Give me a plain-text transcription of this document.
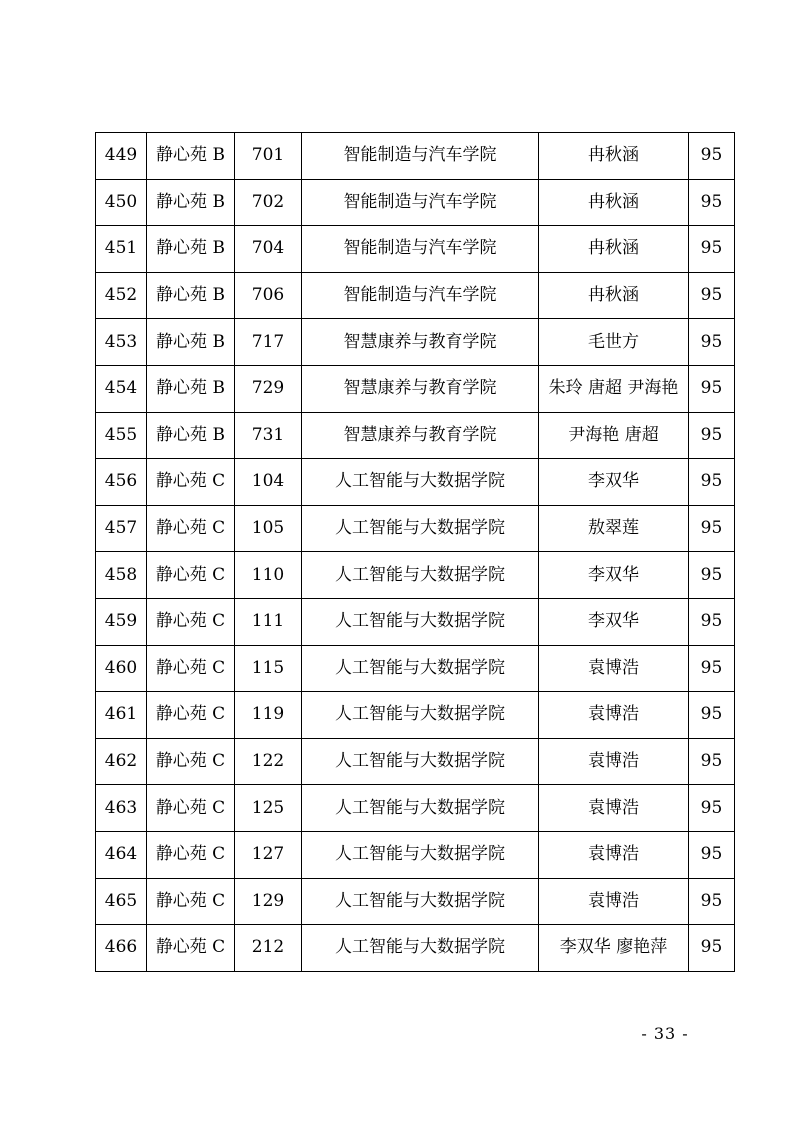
449	静心苑 B	701	智能制造与汽车学院	冉秋涵	95
450	静心苑 B	702	智能制造与汽车学院	冉秋涵	95
451	静心苑 B	704	智能制造与汽车学院	冉秋涵	95
452	静心苑 B	706	智能制造与汽车学院	冉秋涵	95
453	静心苑 B	717	智慧康养与教育学院	毛世方	95
454	静心苑 B	729	智慧康养与教育学院	朱玲 唐超 尹海艳	95
455	静心苑 B	731	智慧康养与教育学院	尹海艳 唐超	95
456	静心苑 C	104	人工智能与大数据学院	李双华	95
457	静心苑 C	105	人工智能与大数据学院	敖翠莲	95
458	静心苑 C	110	人工智能与大数据学院	李双华	95
459	静心苑 C	111	人工智能与大数据学院	李双华	95
460	静心苑 C	115	人工智能与大数据学院	袁博浩	95
461	静心苑 C	119	人工智能与大数据学院	袁博浩	95
462	静心苑 C	122	人工智能与大数据学院	袁博浩	95
463	静心苑 C	125	人工智能与大数据学院	袁博浩	95
464	静心苑 C	127	人工智能与大数据学院	袁博浩	95
465	静心苑 C	129	人工智能与大数据学院	袁博浩	95
466	静心苑 C	212	人工智能与大数据学院	李双华 廖艳萍	95
- 33 -
